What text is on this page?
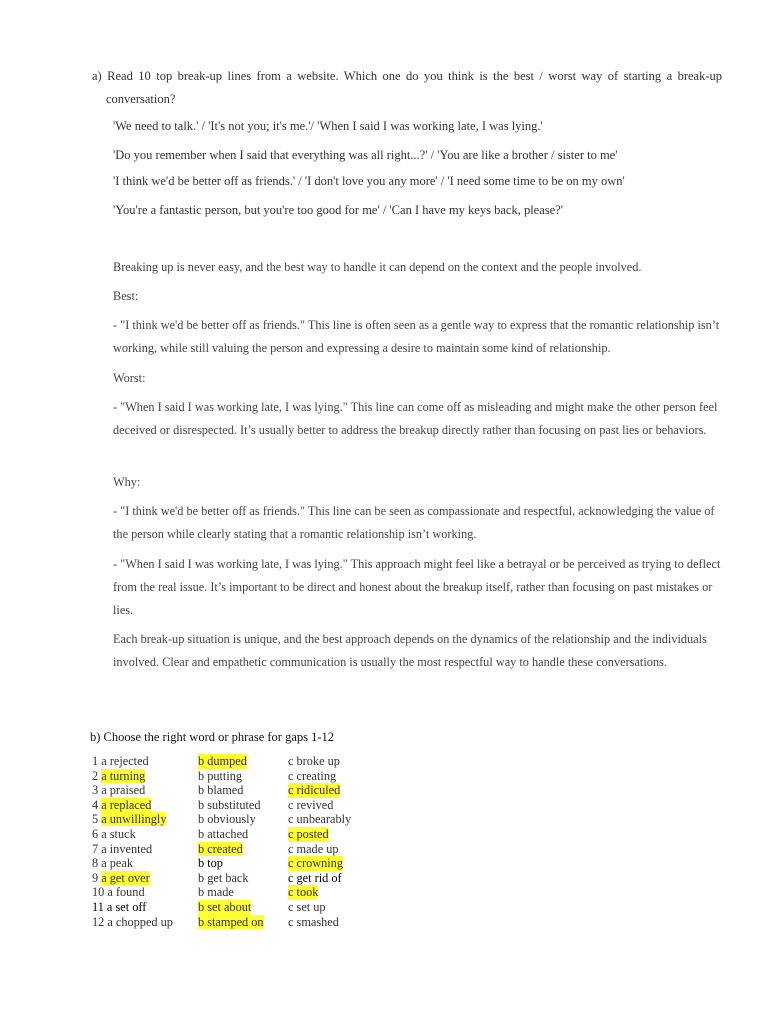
a) Read 10 top break-up lines from a website. Which one do you think is the best / worst way of starting a break-up conversation?

'We need to talk.' / 'It's not you; it's me.'/ 'When I said I was working late, I was lying.'

'Do you remember when I said that everything was all right...?' / 'You are like a brother / sister to me'

'I think we'd be better off as friends.' / 'I don't love you any more' / 'I need some time to be on my own'

'You're a fantastic person, but you're too good for me' / 'Can I have my keys back, please?'

Breaking up is never easy, and the best way to handle it can depend on the context and the people involved.

Best:

- "I think we'd be better off as friends." This line is often seen as a gentle way to express that the romantic relationship isn’t working, while still valuing the person and expressing a desire to maintain some kind of relationship.

Worst:

- "When I said I was working late, I was lying." This line can come off as misleading and might make the other person feel deceived or disrespected. It’s usually better to address the breakup directly rather than focusing on past lies or behaviors.

Why:

- "I think we'd be better off as friends." This line can be seen as compassionate and respectful, acknowledging the value of the person while clearly stating that a romantic relationship isn’t working.

- "When I said I was working late, I was lying." This approach might feel like a betrayal or be perceived as trying to deflect from the real issue. It’s important to be direct and honest about the breakup itself, rather than focusing on past mistakes or lies.

Each break-up situation is unique, and the best approach depends on the dynamics of the relationship and the individuals involved. Clear and empathetic communication is usually the most respectful way to handle these conversations.

b) Choose the right word or phrase for gaps 1-12

1 a rejected	b dumped	c broke up
2 a turning	b putting	c creating
3 a praised	b blamed	c ridiculed
4 a replaced	b substituted c revived
5 a unwillingly	b obviously	c unbearably
6 a stuck	b attached	c posted
7 a invented	b created	c made up
8 a peak	b top	c crowning
9 a get over	b get back	c get rid of
10 a found	b made	c took
11 a set off	b set about	c set up
12 a chopped up b stamped on c smashed
